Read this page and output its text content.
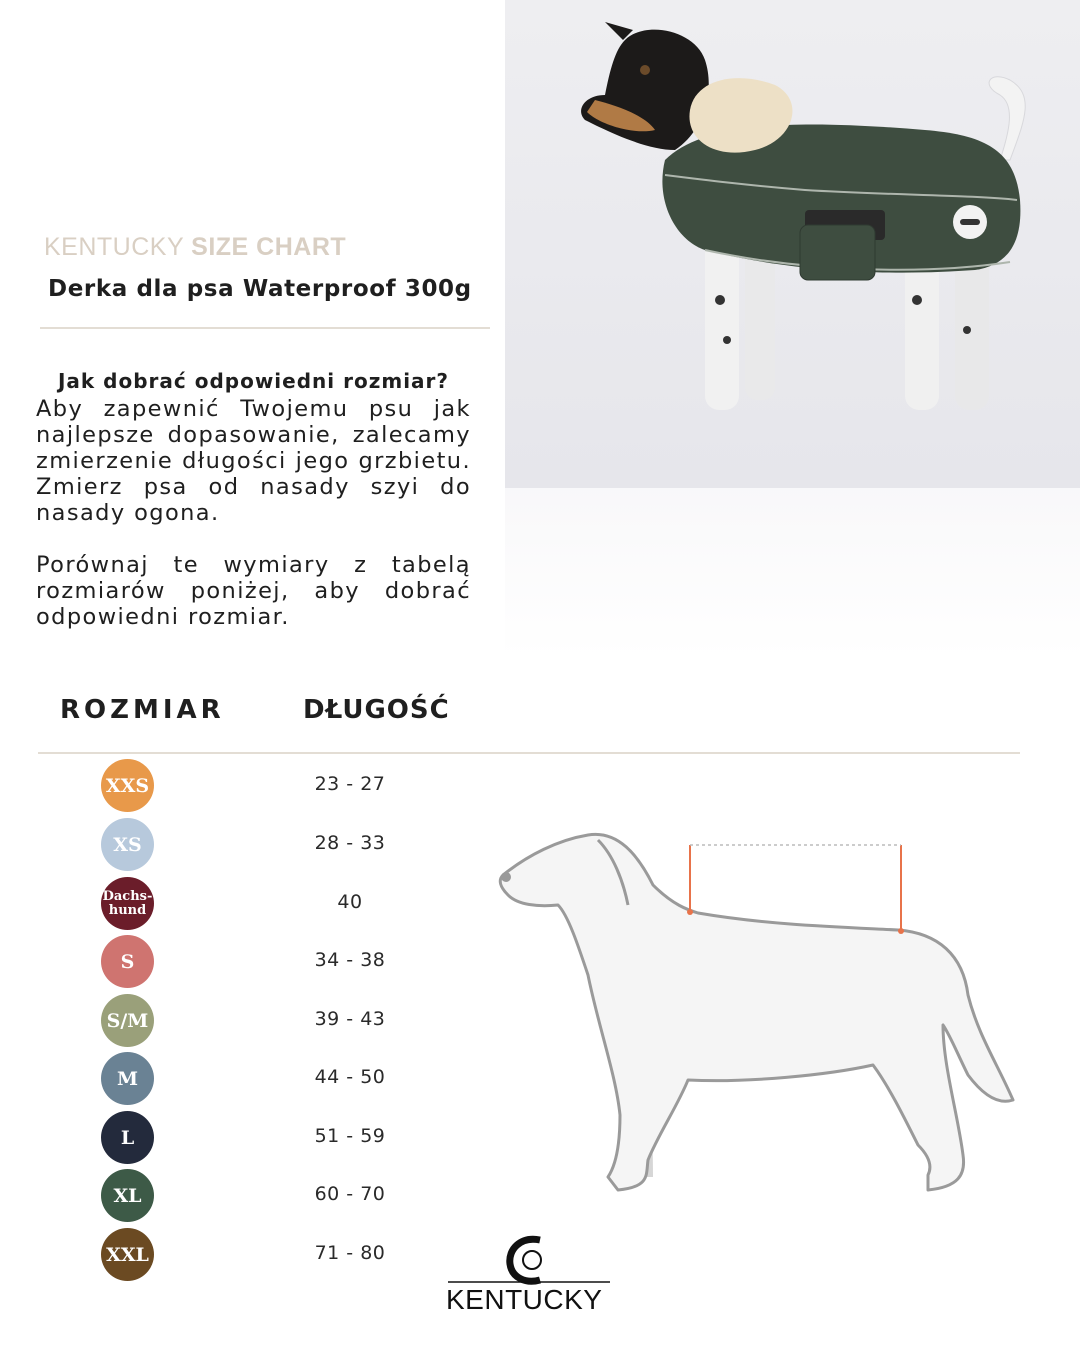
KENTUCKY SIZE CHART
Derka dla psa Waterproof 300g
Jak dobrać odpowiedni rozmiar?

Aby zapewnić Twojemu psu jak najlepsze dopasowanie, zalecamy zmierzenie długości jego grzbietu. Zmierz psa od nasady szyi do nasady ogona.

Porównaj te wymiary z tabelą rozmiarów poniżej, aby dobrać odpowiedni rozmiar.

ROZMIAR	DŁUGOŚĆ
XXS	23 - 27
XS	28 - 33
Dachs-
hund	40
S	34 - 38
S/M	39 - 43
M	44 - 50
L	51 - 59
XL	60 - 70
XXL	71 - 80
KENTUCKY
